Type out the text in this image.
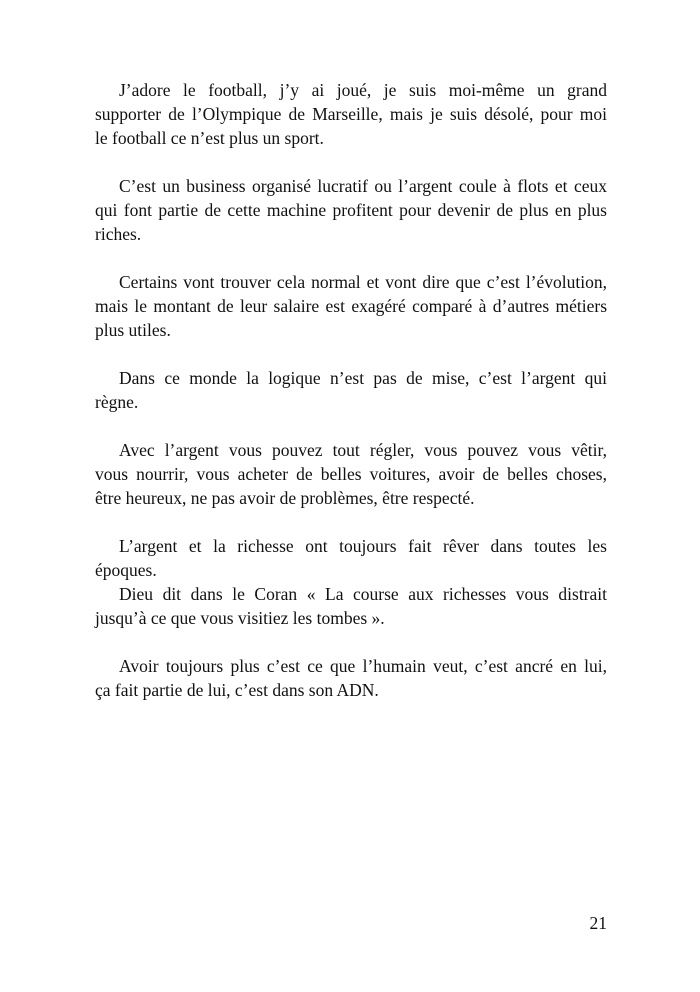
J’adore le football, j’y ai joué, je suis moi-même un grand
supporter de l’Olympique de Marseille, mais je suis désolé, pour moi
le football ce n’est plus un sport.
C’est un business organisé lucratif ou l’argent coule à flots et ceux
qui font partie de cette machine profitent pour devenir de plus en plus
riches.
Certains vont trouver cela normal et vont dire que c’est l’évolution,
mais le montant de leur salaire est exagéré comparé à d’autres métiers
plus utiles.
Dans ce monde la logique n’est pas de mise, c’est l’argent qui
règne.
Avec l’argent vous pouvez tout régler, vous pouvez vous vêtir,
vous nourrir, vous acheter de belles voitures, avoir de belles choses,
être heureux, ne pas avoir de problèmes, être respecté.
L’argent et la richesse ont toujours fait rêver dans toutes les
époques.
Dieu dit dans le Coran « La course aux richesses vous distrait
jusqu’à ce que vous visitiez les tombes ».
Avoir toujours plus c’est ce que l’humain veut, c’est ancré en lui,
ça fait partie de lui, c’est dans son ADN.
21
